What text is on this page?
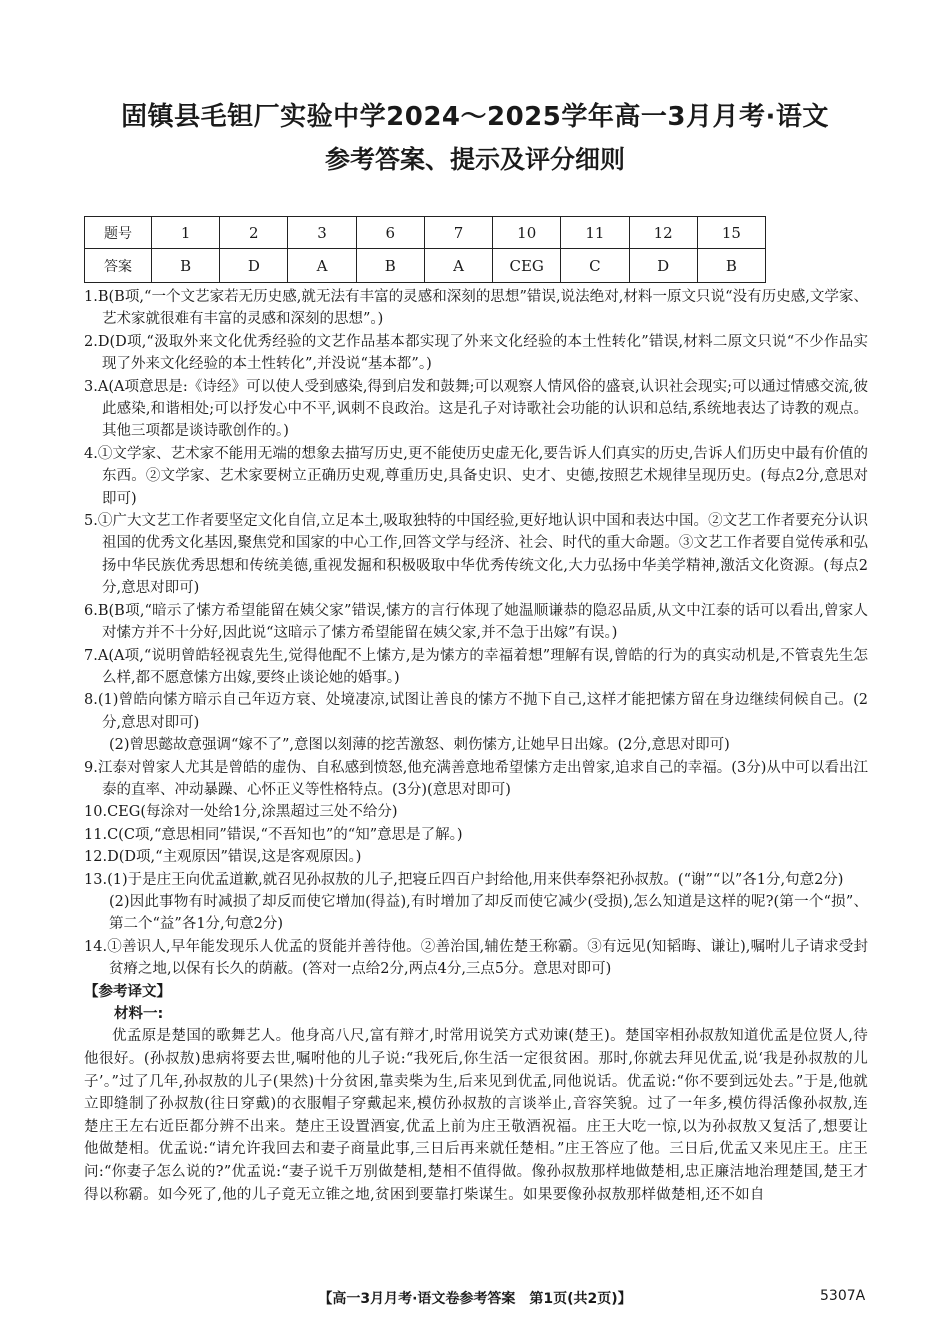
固镇县毛钽厂实验中学2024～2025学年高一3月月考·语文
参考答案、提示及评分细则
题号	1	2	3	6	7	10	11	12	15
答案	B	D	A	B	A	CEG	C	D	B
1.B(B项,“一个文艺家若无历史感,就无法有丰富的灵感和深刻的思想”错误,说法绝对,材料一原文只说“没有历史感,文学家、艺术家就很难有丰富的灵感和深刻的思想”。)
2.D(D项,“汲取外来文化优秀经验的文艺作品基本都实现了外来文化经验的本土性转化”错误,材料二原文只说“不少作品实现了外来文化经验的本土性转化”,并没说“基本都”。)
3.A(A项意思是:《诗经》可以使人受到感染,得到启发和鼓舞;可以观察人情风俗的盛衰,认识社会现实;可以通过情感交流,彼此感染,和谐相处;可以抒发心中不平,讽刺不良政治。这是孔子对诗歌社会功能的认识和总结,系统地表达了诗教的观点。其他三项都是谈诗歌创作的。)
4.①文学家、艺术家不能用无端的想象去描写历史,更不能使历史虚无化,要告诉人们真实的历史,告诉人们历史中最有价值的东西。②文学家、艺术家要树立正确历史观,尊重历史,具备史识、史才、史德,按照艺术规律呈现历史。(每点2分,意思对即可)
5.①广大文艺工作者要坚定文化自信,立足本土,吸取独特的中国经验,更好地认识中国和表达中国。②文艺工作者要充分认识祖国的优秀文化基因,聚焦党和国家的中心工作,回答文学与经济、社会、时代的重大命题。③文艺工作者要自觉传承和弘扬中华民族优秀思想和传统美德,重视发掘和积极吸取中华优秀传统文化,大力弘扬中华美学精神,激活文化资源。(每点2分,意思对即可)
6.B(B项,“暗示了愫方希望能留在姨父家”错误,愫方的言行体现了她温顺谦恭的隐忍品质,从文中江泰的话可以看出,曾家人对愫方并不十分好,因此说“这暗示了愫方希望能留在姨父家,并不急于出嫁”有误。)
7.A(A项,“说明曾皓轻视袁先生,觉得他配不上愫方,是为愫方的幸福着想”理解有误,曾皓的行为的真实动机是,不管袁先生怎么样,都不愿意愫方出嫁,要终止谈论她的婚事。)
8.(1)曾皓向愫方暗示自己年迈方衰、处境凄凉,试图让善良的愫方不抛下自己,这样才能把愫方留在身边继续伺候自己。(2分,意思对即可)
(2)曾思懿故意强调“嫁不了”,意图以刻薄的挖苦激怒、刺伤愫方,让她早日出嫁。(2分,意思对即可)
9.江泰对曾家人尤其是曾皓的虚伪、自私感到愤怒,他充满善意地希望愫方走出曾家,追求自己的幸福。(3分)从中可以看出江泰的直率、冲动暴躁、心怀正义等性格特点。(3分)(意思对即可)
10.CEG(每涂对一处给1分,涂黑超过三处不给分)
11.C(C项,“意思相同”错误,“不吾知也”的“知”意思是了解。)
12.D(D项,“主观原因”错误,这是客观原因。)
13.(1)于是庄王向优孟道歉,就召见孙叔敖的儿子,把寝丘四百户封给他,用来供奉祭祀孙叔敖。(“谢”“以”各1分,句意2分)
(2)因此事物有时减损了却反而使它增加(得益),有时增加了却反而使它减少(受损),怎么知道是这样的呢?(第一个“损”、第二个“益”各1分,句意2分)
14.①善识人,早年能发现乐人优孟的贤能并善待他。②善治国,辅佐楚王称霸。③有远见(知韬晦、谦让),嘱咐儿子请求受封贫瘠之地,以保有长久的荫蔽。(答对一点给2分,两点4分,三点5分。意思对即可)
【参考译文】
材料一:
优孟原是楚国的歌舞艺人。他身高八尺,富有辩才,时常用说笑方式劝谏(楚王)。楚国宰相孙叔敖知道优孟是位贤人,待他很好。(孙叔敖)患病将要去世,嘱咐他的儿子说:“我死后,你生活一定很贫困。那时,你就去拜见优孟,说‘我是孙叔敖的儿子’。”过了几年,孙叔敖的儿子(果然)十分贫困,靠卖柴为生,后来见到优孟,同他说话。优孟说:“你不要到远处去。”于是,他就立即缝制了孙叔敖(往日穿戴)的衣服帽子穿戴起来,模仿孙叔敖的言谈举止,音容笑貌。过了一年多,模仿得活像孙叔敖,连楚庄王左右近臣都分辨不出来。楚庄王设置酒宴,优孟上前为庄王敬酒祝福。庄王大吃一惊,以为孙叔敖又复活了,想要让他做楚相。优孟说:“请允许我回去和妻子商量此事,三日后再来就任楚相。”庄王答应了他。三日后,优孟又来见庄王。庄王问:“你妻子怎么说的?”优孟说:“妻子说千万别做楚相,楚相不值得做。像孙叔敖那样地做楚相,忠正廉洁地治理楚国,楚王才得以称霸。如今死了,他的儿子竟无立锥之地,贫困到要靠打柴谋生。如果要像孙叔敖那样做楚相,还不如自
【高一3月月考·语文卷参考答案　第1页(共2页)】	5307A
